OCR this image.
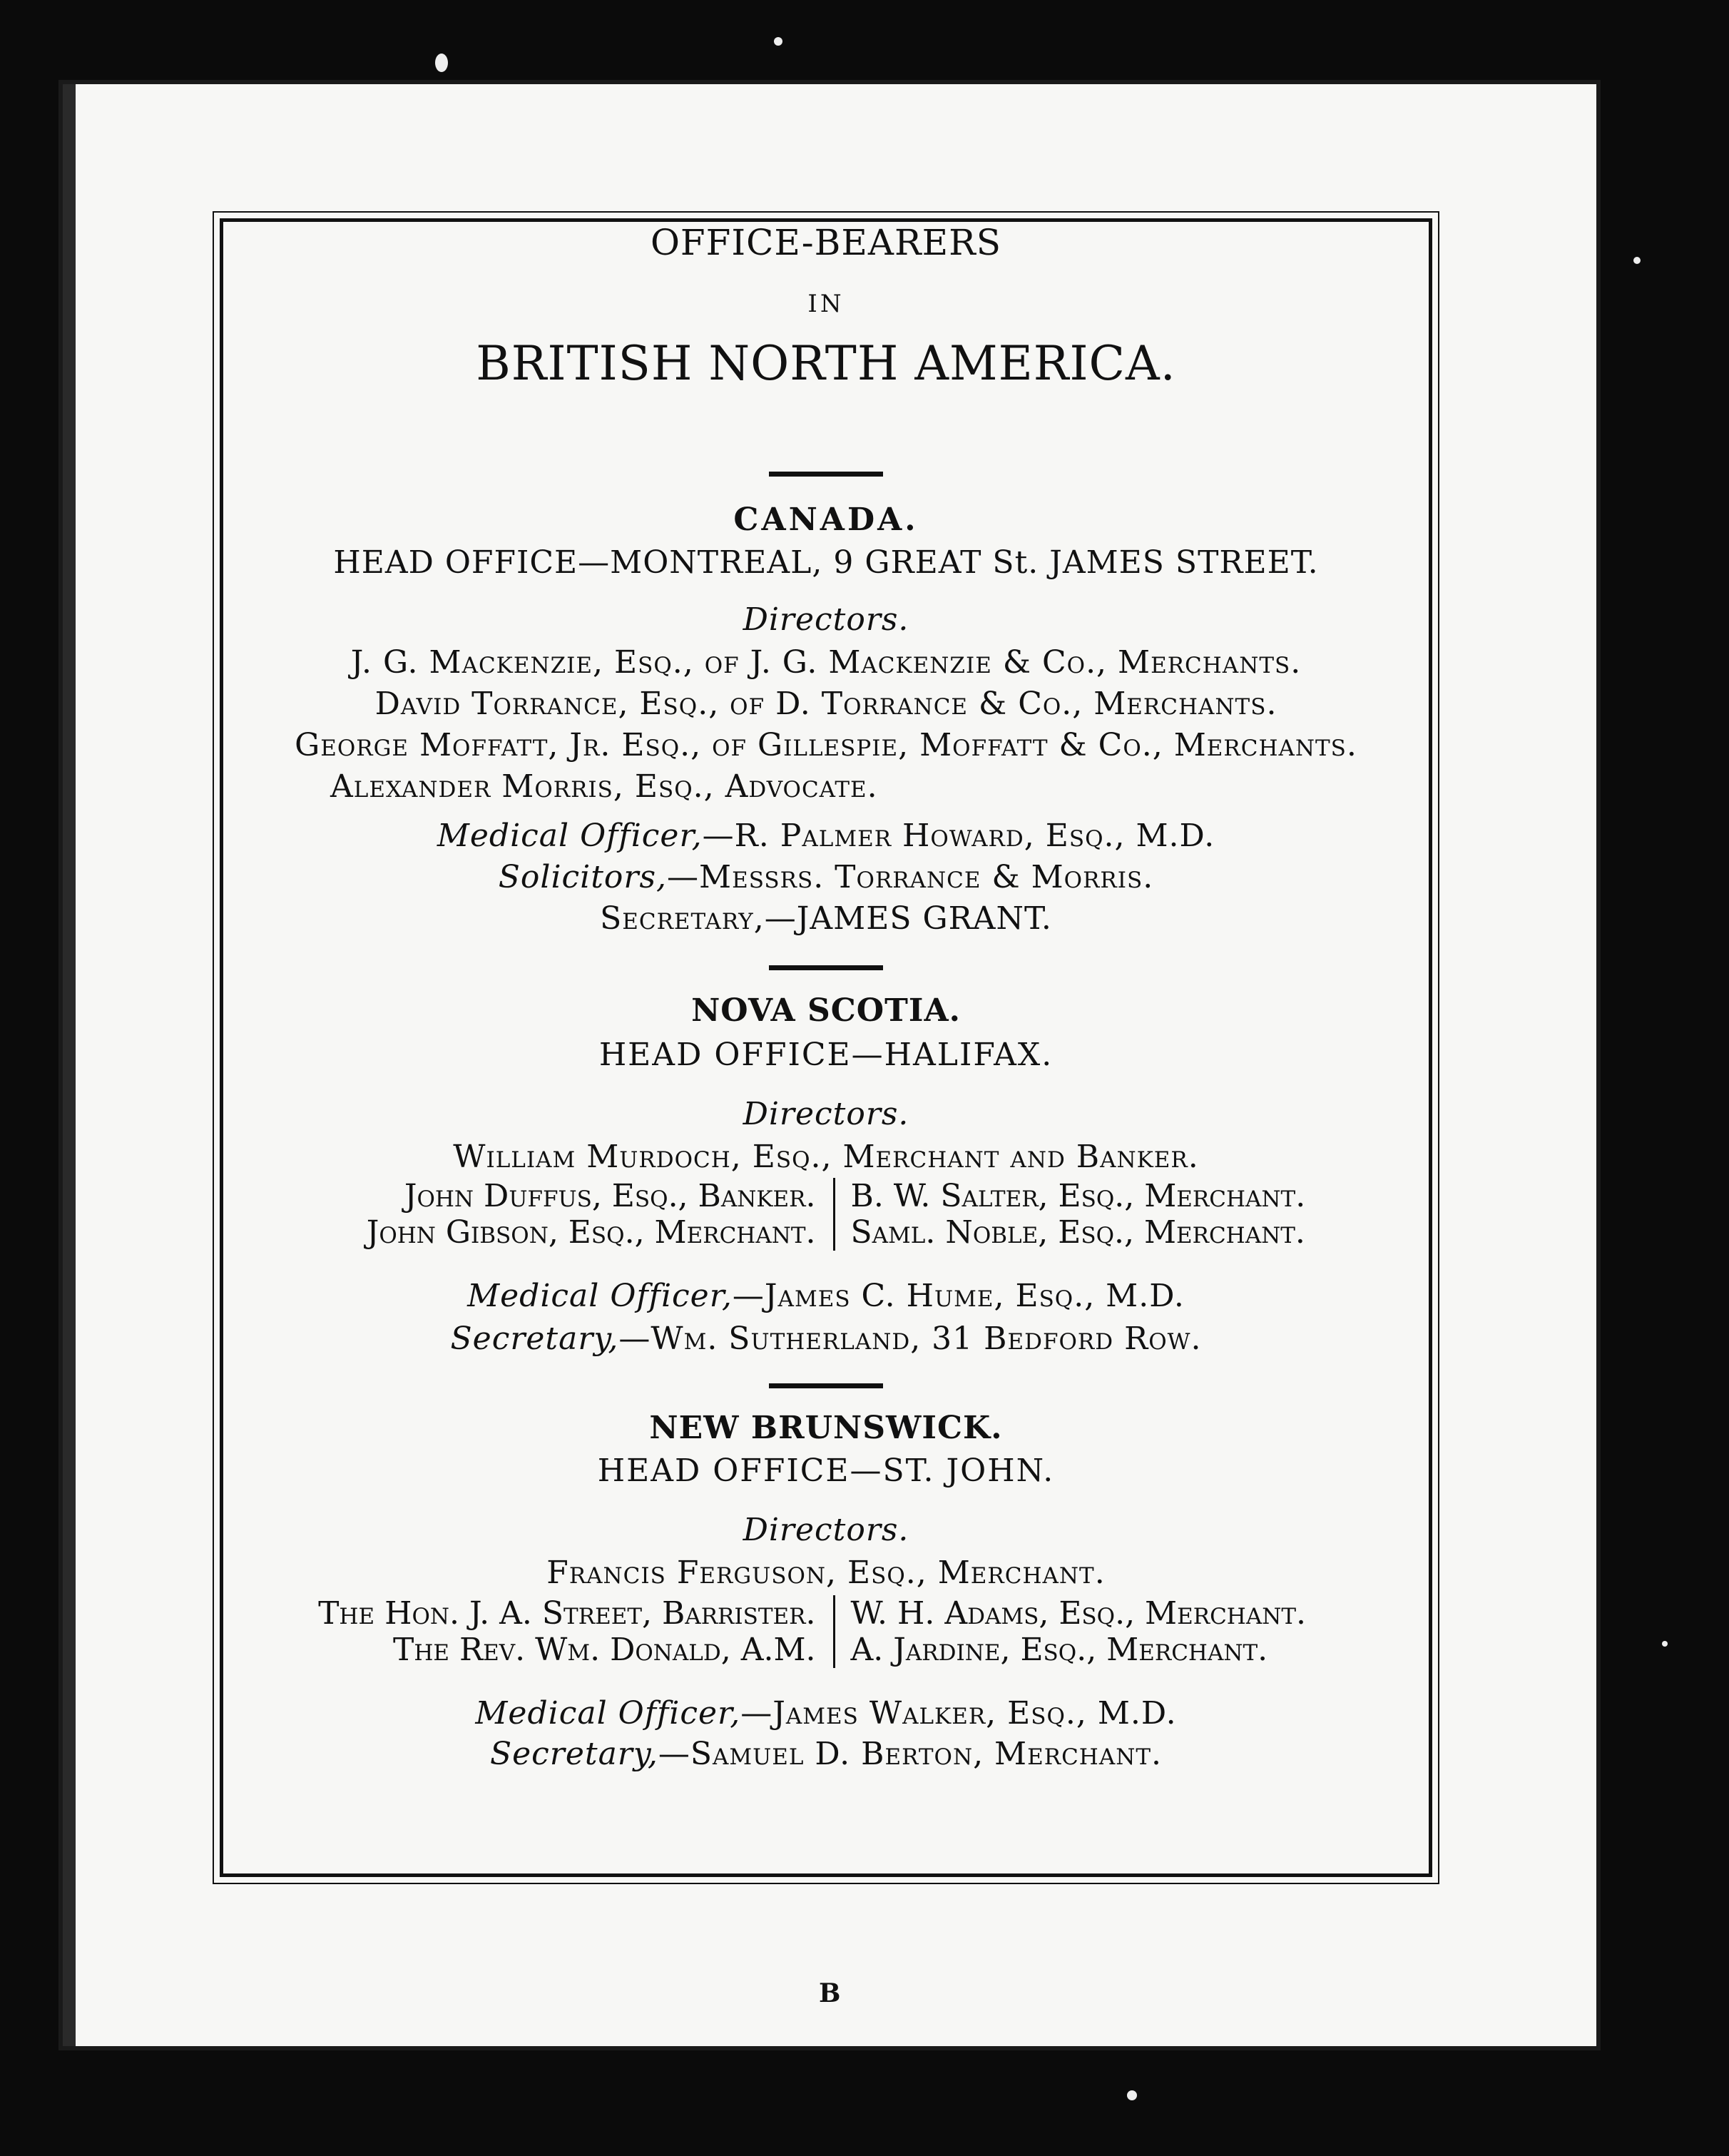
OFFICE-BEARERS
IN
BRITISH NORTH AMERICA.
CANADA.
HEAD OFFICE—MONTREAL, 9 GREAT St. JAMES STREET.
Directors.
J. G. Mackenzie, Esq., of J. G. Mackenzie & Co., Merchants.
David Torrance, Esq., of D. Torrance & Co., Merchants.
George Moffatt, Jr. Esq., of Gillespie, Moffatt & Co., Merchants.
Alexander Morris, Esq., Advocate.
Medical Officer,—R. Palmer Howard, Esq., M.D.
Solicitors,—Messrs. Torrance & Morris.
Secretary,—JAMES GRANT.
NOVA SCOTIA.
HEAD OFFICE—HALIFAX.
Directors.
William Murdoch, Esq., Merchant and Banker.
John Duffus, Esq., Banker.
John Gibson, Esq., Merchant.
B. W. Salter, Esq., Merchant.
Saml. Noble, Esq., Merchant.
Medical Officer,—James C. Hume, Esq., M.D.
Secretary,—Wm. Sutherland, 31 Bedford Row.
NEW BRUNSWICK.
HEAD OFFICE—ST. JOHN.
Directors.
Francis Ferguson, Esq., Merchant.
The Hon. J. A. Street, Barrister.
The Rev. Wm. Donald, A.M.
W. H. Adams, Esq., Merchant.
A. Jardine, Esq., Merchant.
Medical Officer,—James Walker, Esq., M.D.
Secretary,—Samuel D. Berton, Merchant.
B
